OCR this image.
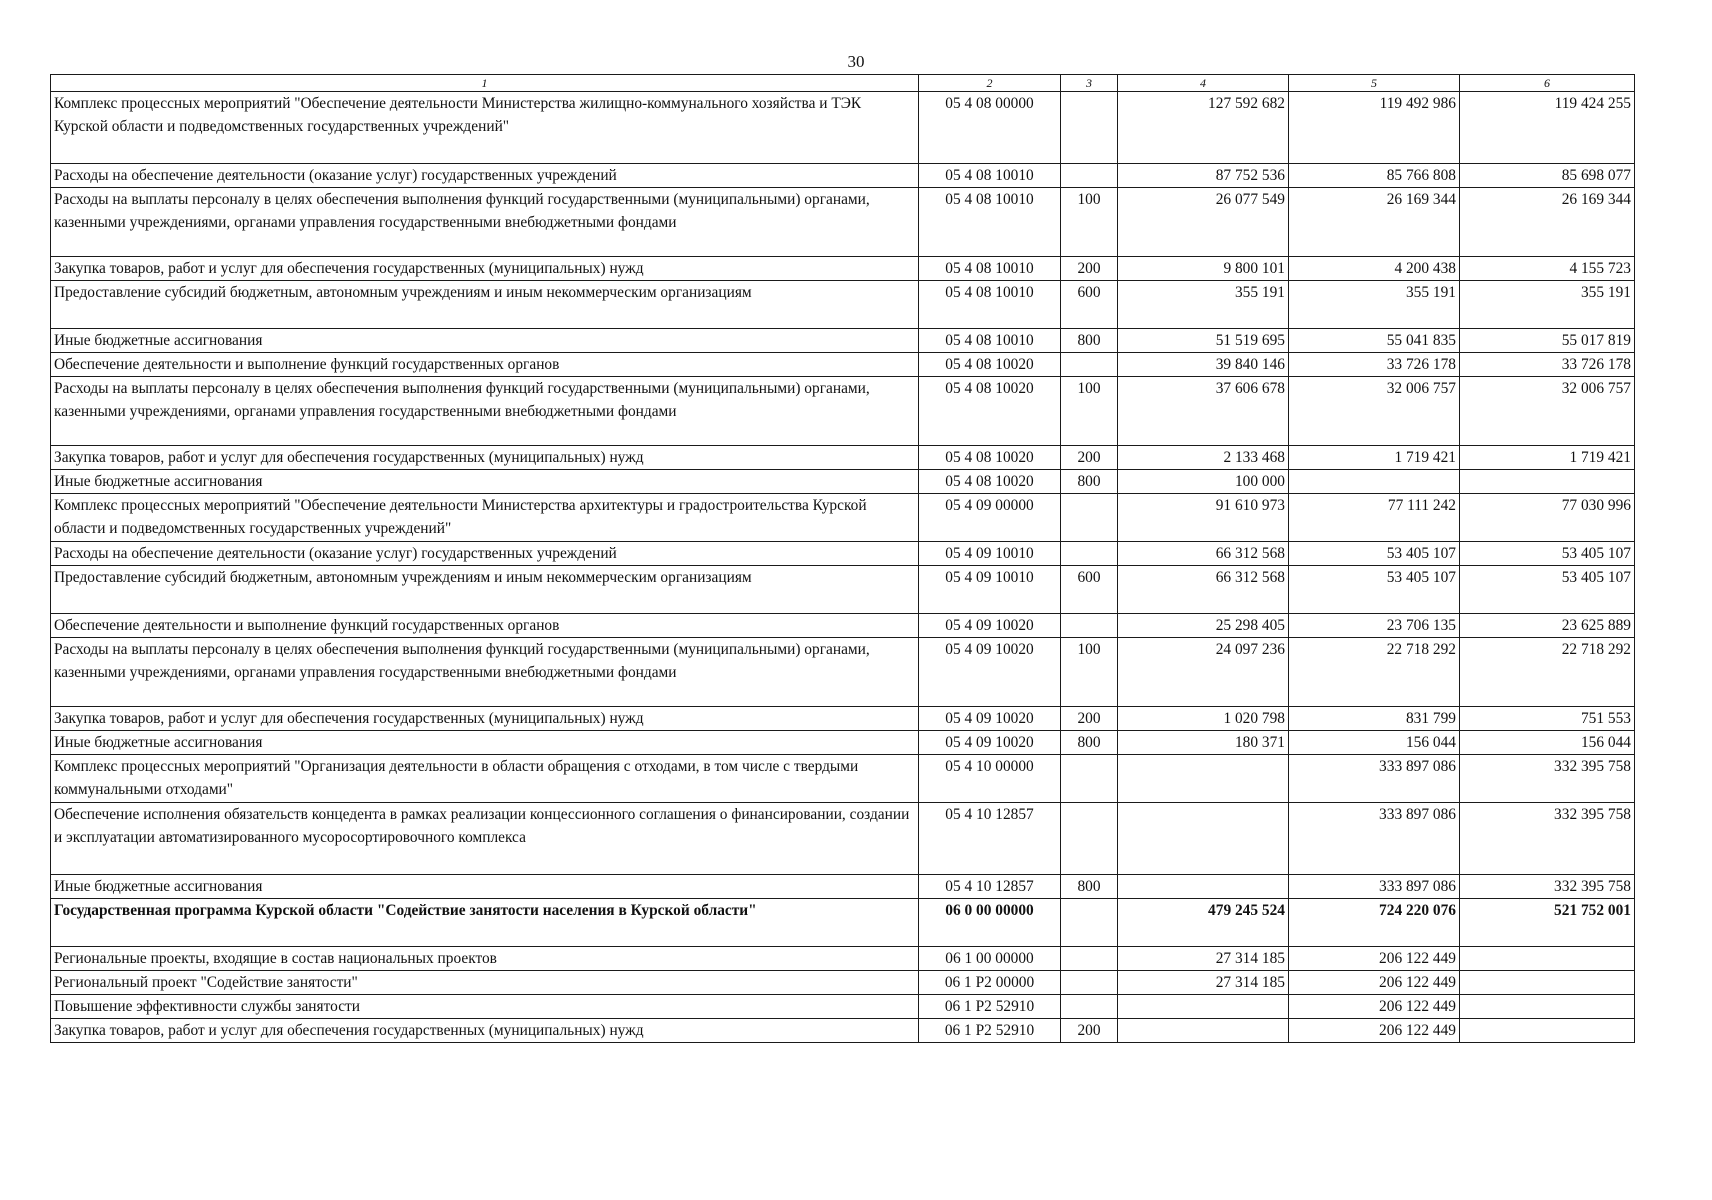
30
1	2	3	4	5	6
Комплекс процессных мероприятий "Обеспечение деятельности Министерства жилищно-коммунального хозяйства и ТЭК Курской области и подведомственных государственных учреждений"	05 4 08 00000		127 592 682	119 492 986	119 424 255
Расходы на обеспечение деятельности (оказание услуг) государственных учреждений	05 4 08 10010		87 752 536	85 766 808	85 698 077
Расходы на выплаты персоналу в целях обеспечения выполнения функций государственными (муниципальными) органами, казенными учреждениями, органами управления государственными внебюджетными фондами	05 4 08 10010	100	26 077 549	26 169 344	26 169 344
Закупка товаров, работ и услуг для обеспечения государственных (муниципальных) нужд	05 4 08 10010	200	9 800 101	4 200 438	4 155 723
Предоставление субсидий бюджетным, автономным учреждениям и иным некоммерческим организациям	05 4 08 10010	600	355 191	355 191	355 191
Иные бюджетные ассигнования	05 4 08 10010	800	51 519 695	55 041 835	55 017 819
Обеспечение деятельности и выполнение функций государственных органов	05 4 08 10020		39 840 146	33 726 178	33 726 178
Расходы на выплаты персоналу в целях обеспечения выполнения функций государственными (муниципальными) органами, казенными учреждениями, органами управления государственными внебюджетными фондами	05 4 08 10020	100	37 606 678	32 006 757	32 006 757
Закупка товаров, работ и услуг для обеспечения государственных (муниципальных) нужд	05 4 08 10020	200	2 133 468	1 719 421	1 719 421
Иные бюджетные ассигнования	05 4 08 10020	800	100 000		
Комплекс процессных мероприятий "Обеспечение деятельности Министерства архитектуры и градостроительства Курской области и подведомственных государственных учреждений"	05 4 09 00000		91 610 973	77 111 242	77 030 996
Расходы на обеспечение деятельности (оказание услуг) государственных учреждений	05 4 09 10010		66 312 568	53 405 107	53 405 107
Предоставление субсидий бюджетным, автономным учреждениям и иным некоммерческим организациям	05 4 09 10010	600	66 312 568	53 405 107	53 405 107
Обеспечение деятельности и выполнение функций государственных органов	05 4 09 10020		25 298 405	23 706 135	23 625 889
Расходы на выплаты персоналу в целях обеспечения выполнения функций государственными (муниципальными) органами, казенными учреждениями, органами управления государственными внебюджетными фондами	05 4 09 10020	100	24 097 236	22 718 292	22 718 292
Закупка товаров, работ и услуг для обеспечения государственных (муниципальных) нужд	05 4 09 10020	200	1 020 798	831 799	751 553
Иные бюджетные ассигнования	05 4 09 10020	800	180 371	156 044	156 044
Комплекс процессных мероприятий "Организация деятельности в области обращения с отходами, в том числе с твердыми коммунальными отходами"	05 4 10 00000			333 897 086	332 395 758
Обеспечение исполнения обязательств концедента в рамках реализации концессионного соглашения о финансировании, создании и эксплуатации автоматизированного мусоросортировочного комплекса	05 4 10 12857			333 897 086	332 395 758
Иные бюджетные ассигнования	05 4 10 12857	800		333 897 086	332 395 758
Государственная программа Курской области "Содействие занятости населения в Курской области"	06 0 00 00000		479 245 524	724 220 076	521 752 001
Региональные проекты, входящие в состав национальных проектов	06 1 00 00000		27 314 185	206 122 449	
Региональный проект "Содействие занятости"	06 1 P2 00000		27 314 185	206 122 449	
Повышение эффективности службы занятости	06 1 P2 52910			206 122 449	
Закупка товаров, работ и услуг для обеспечения государственных (муниципальных) нужд	06 1 P2 52910	200		206 122 449	
